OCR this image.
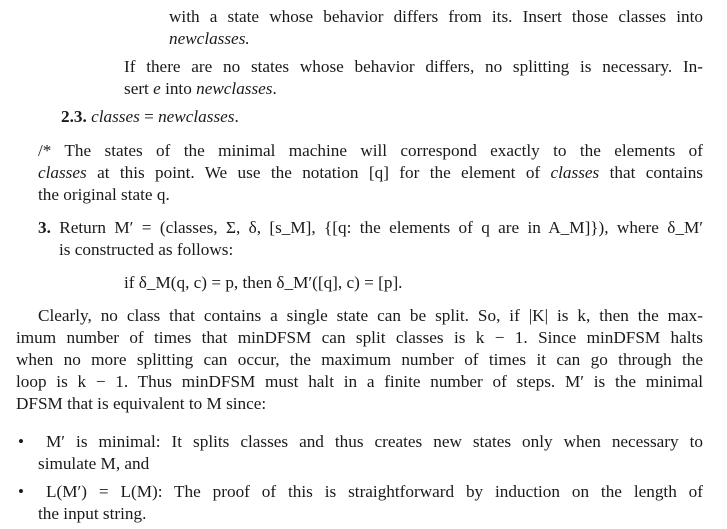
with a state whose behavior differs from its. Insert those classes into
newclasses.
If there are no states whose behavior differs, no splitting is necessary. In-
sert e into newclasses.
2.3. classes = newclasses.
/* The states of the minimal machine will correspond exactly to the elements of
classes at this point. We use the notation [q] for the element of classes that contains
the original state q.
3. Return M′ = (classes, Σ, δ, [s_M], {[q: the elements of q are in A_M]}), where δ_M′
is constructed as follows:
if δ_M(q, c) = p, then δ_M′([q], c) = [p].
Clearly, no class that contains a single state can be split. So, if |K| is k, then the max-
imum number of times that minDFSM can split classes is k − 1. Since minDFSM halts
when no more splitting can occur, the maximum number of times it can go through the
loop is k − 1. Thus minDFSM must halt in a finite number of steps. M′ is the minimal
DFSM that is equivalent to M since:
•	M′ is minimal: It splits classes and thus creates new states only when necessary to
simulate M, and
•	L(M′) = L(M): The proof of this is straightforward by induction on the length of
the input string.
